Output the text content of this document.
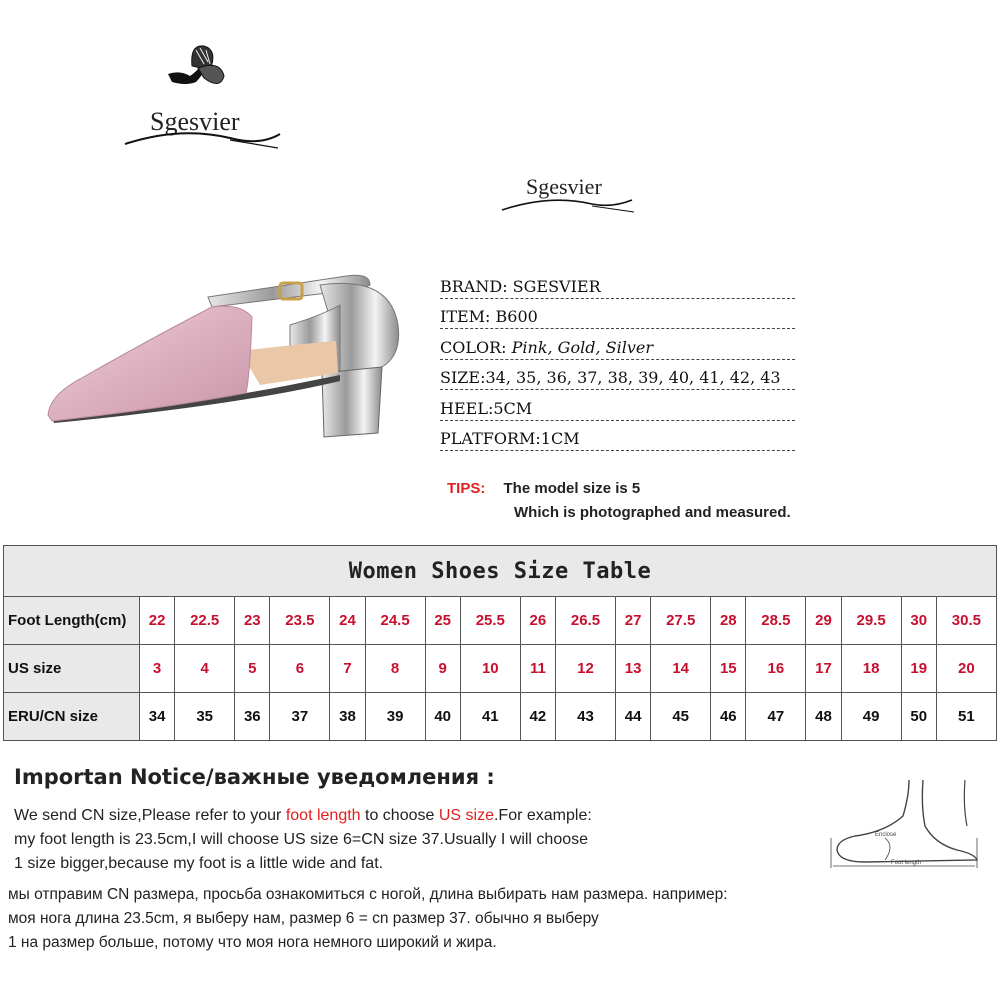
Sgesvier
Sgesvier
BRAND: SGESVIER
ITEM: B600
COLOR: Pink, Gold, Silver
SIZE: 34, 35, 36, 37, 38, 39, 40, 41, 42, 43
HEEL: 5CM
PLATFORM: 1CM
TIPS: The model size is 5
Which is photographed and measured.
Women Shoes Size Table																		
Foot Length(cm)	22	22.5	23	23.5	24	24.5	25	25.5	26	26.5	27	27.5	28	28.5	29	29.5	30	30.5
US size	3	4	5	6	7	8	9	10	11	12	13	14	15	16	17	18	19	20
ERU/CN size	34	35	36	37	38	39	40	41	42	43	44	45	46	47	48	49	50	51
Importan Notice/важные уведомления :
We send CN size,Please refer to your foot length to choose US size.For example:
my foot length is 23.5cm,I will choose US size 6=CN size 37.Usually I will choose
1 size bigger,because my foot is a little wide and fat.
мы отправим CN размера, просьба ознакомиться с ногой, длина выбирать нам размера. например:
моя нога длина 23.5cm, я выберу нам, размер 6 = cn размер 37. обычно я выберу
1 на размер больше, потому что моя нога немного широкий и жира.
Enclose
Foot length
